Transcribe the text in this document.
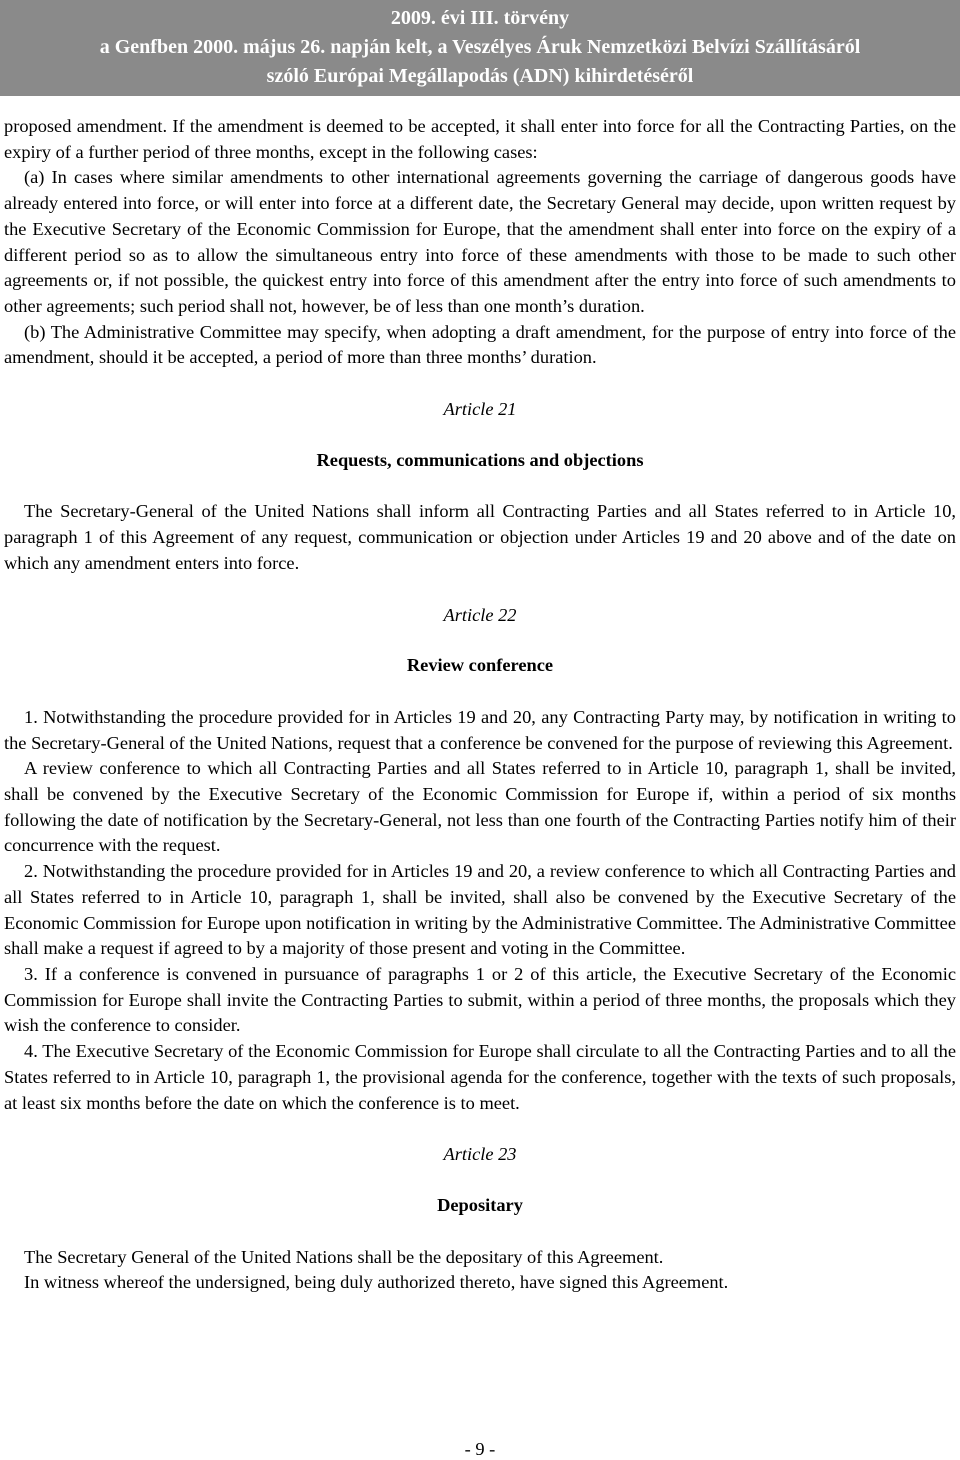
2009. évi III. törvény
a Genfben 2000. május 26. napján kelt, a Veszélyes Áruk Nemzetközi Belvízi Szállításáról
szóló Európai Megállapodás (ADN) kihirdetéséről

proposed amendment. If the amendment is deemed to be accepted, it shall enter into force for all the Contracting Parties, on the expiry of a further period of three months, except in the following cases:

(a) In cases where similar amendments to other international agreements governing the carriage of dangerous goods have already entered into force, or will enter into force at a different date, the Secretary General may decide, upon written request by the Executive Secretary of the Economic Commission for Europe, that the amendment shall enter into force on the expiry of a different period so as to allow the simultaneous entry into force of these amendments with those to be made to such other agreements or, if not possible, the quickest entry into force of this amendment after the entry into force of such amendments to other agreements; such period shall not, however, be of less than one month’s duration.

(b) The Administrative Committee may specify, when adopting a draft amendment, for the purpose of entry into force of the amendment, should it be accepted, a period of more than three months’ duration.

Article 21
Requests, communications and objections

The Secretary-General of the United Nations shall inform all Contracting Parties and all States referred to in Article 10, paragraph 1 of this Agreement of any request, communication or objection under Articles 19 and 20 above and of the date on which any amendment enters into force.

Article 22
Review conference

1. Notwithstanding the procedure provided for in Articles 19 and 20, any Contracting Party may, by notification in writing to the Secretary-General of the United Nations, request that a conference be convened for the purpose of reviewing this Agreement.

A review conference to which all Contracting Parties and all States referred to in Article 10, paragraph 1, shall be invited, shall be convened by the Executive Secretary of the Economic Commission for Europe if, within a period of six months following the date of notification by the Secretary-General, not less than one fourth of the Contracting Parties notify him of their concurrence with the request.

2. Notwithstanding the procedure provided for in Articles 19 and 20, a review conference to which all Contracting Parties and all States referred to in Article 10, paragraph 1, shall be invited, shall also be convened by the Executive Secretary of the Economic Commission for Europe upon notification in writing by the Administrative Committee. The Administrative Committee shall make a request if agreed to by a majority of those present and voting in the Committee.

3. If a conference is convened in pursuance of paragraphs 1 or 2 of this article, the Executive Secretary of the Economic Commission for Europe shall invite the Contracting Parties to submit, within a period of three months, the proposals which they wish the conference to consider.

4. The Executive Secretary of the Economic Commission for Europe shall circulate to all the Contracting Parties and to all the States referred to in Article 10, paragraph 1, the provisional agenda for the conference, together with the texts of such proposals, at least six months before the date on which the conference is to meet.

Article 23
Depositary

The Secretary General of the United Nations shall be the depositary of this Agreement.

In witness whereof the undersigned, being duly authorized thereto, have signed this Agreement.

- 9 -
